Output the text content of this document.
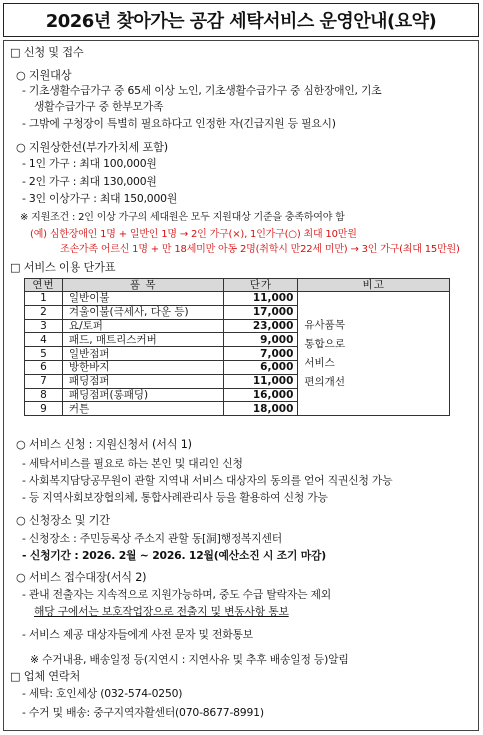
2026년 찾아가는 공감 세탁서비스 운영안내(요약)
□ 신청 및 접수
○ 지원대상
- 기초생활수급가구 중 65세 이상 노인, 기초생활수급가구 중 심한장애인, 기초
생활수급가구 중 한부모가족
- 그밖에 구청장이 특별히 필요하다고 인정한 자(긴급지원 등 필요시)
○ 지원상한선(부가가치세 포함)
- 1인 가구 : 최대 100,000원
- 2인 가구 : 최대 130,000원
- 3인 이상가구 : 최대 150,000원
※ 지원조건 : 2인 이상 가구의 세대원은 모두 지원대상 기준을 충족하여야 함
(예) 심한장애인 1명 + 일반인 1명 → 2인 가구(×), 1인가구(○) 최대 10만원
조손가족 어르신 1명 + 만 18세미만 아동 2명(취학시 만22세 미만) → 3인 가구(최대 15만원)
□ 서비스 이용 단가표
연번	품 목	단가	비고
1	일반이불	11,000	유사품목
통합으로
서비스
편의개선

2	겨울이불(극세사, 다운 등)	17,000	
3	요/토퍼	23,000	
4	패드, 매트리스커버	9,000	
5	일반점퍼	7,000	
6	방한바지	6,000	
7	패딩점퍼	11,000	
8	패딩점퍼(롱패딩)	16,000	
9	커튼	18,000	
○ 서비스 신청 : 지원신청서 (서식 1)
- 세탁서비스를 필요로 하는 본인 및 대리인 신청
- 사회복지담당공무원이 관할 지역내 서비스 대상자의 동의를 얻어 직권신청 가능
- 등 지역사회보장협의체, 통합사례관리사 등을 활용하여 신청 가능
○ 신청장소 및 기간
- 신청장소 : 주민등록상 주소지 관할 동[洞]행정복지센터
- 신청기간 : 2026. 2월 ~ 2026. 12월(예산소진 시 조기 마감)
○ 서비스 접수대장(서식 2)
- 관내 전출자는 지속적으로 지원가능하며, 중도 수급 탈락자는 제외
해당 구에서는 보호작업장으로 전출지 및 변동사항 통보
- 서비스 제공 대상자들에게 사전 문자 및 전화통보
※ 수거내용, 배송일정 등(지연시 : 지연사유 및 추후 배송일정 등)알림
□ 업체 연락처
- 세탁: 호인세상 (032-574-0250)
- 수거 및 배송: 중구지역자활센터(070-8677-8991)
